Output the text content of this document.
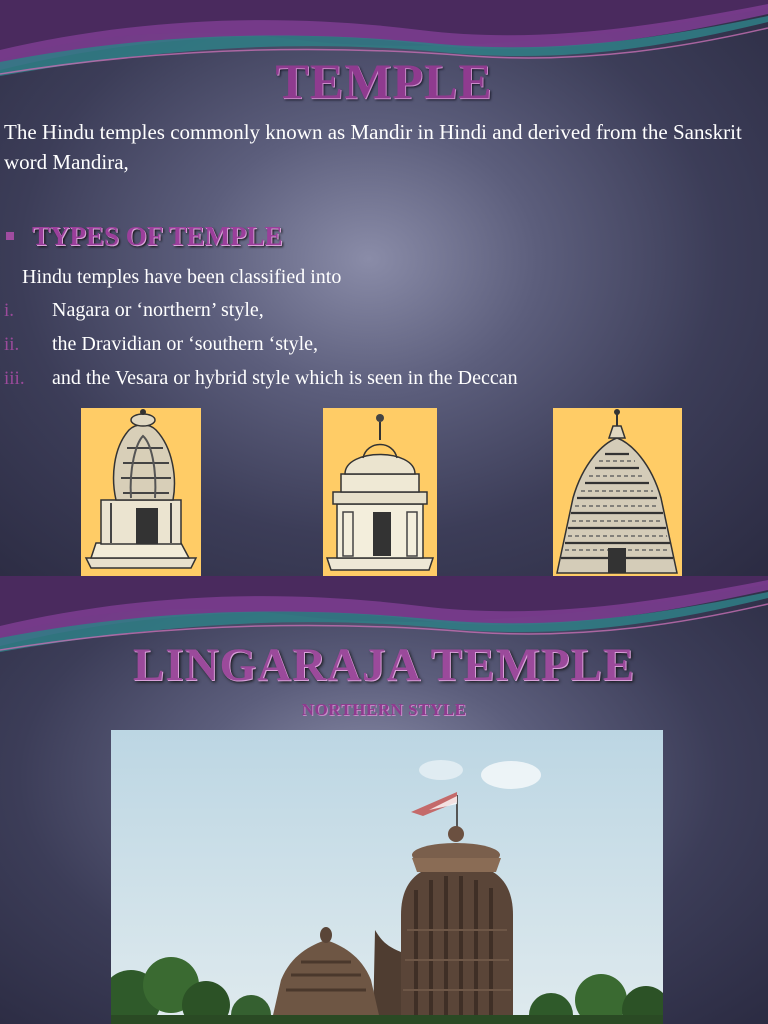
TEMPLE

The Hindu temples commonly known as Mandir in Hindi and derived from the Sanskrit word Mandira,

TYPES OF TEMPLE

Hindu temples have been classified into

i. Nagara or ‘northern’ style,
ii. the Dravidian or ‘southern ‘style,
iii. and the Vesara or hybrid style which is seen in the Deccan
LINGARAJA TEMPLE

NORTHERN STYLE
